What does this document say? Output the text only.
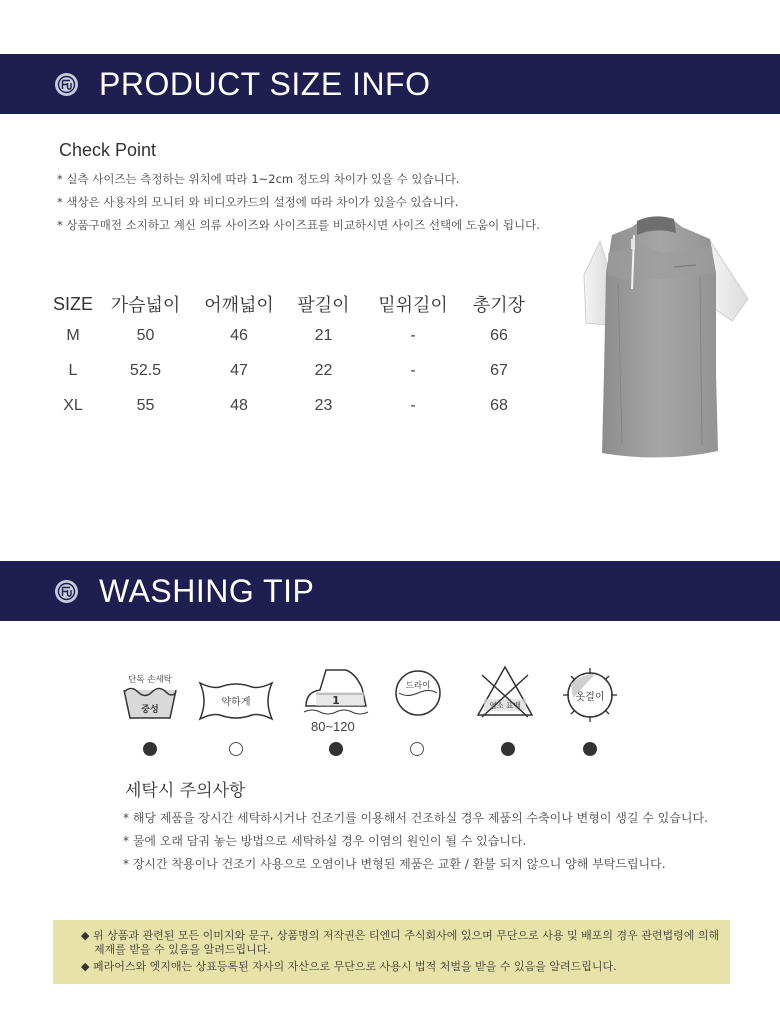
PRODUCT SIZE INFO
Check Point
* 실측 사이즈는 측정하는 위치에 따라 1~2cm 정도의 차이가 있을 수 있습니다.
* 색상은 사용자의 모니터 와 비디오카드의 설정에 따라 차이가 있을수 있습니다.
* 상품구매전 소지하고 계신 의류 사이즈와 사이즈표를 비교하시면 사이즈 선택에 도움이 됩니다.
SIZE	가슴넓이	어깨넓이	팔길이	밑위길이	총기장
M	50	46	21	-	66
L	52.5	47	22	-	67
XL	55	48	23	-	68
WASHING TIP
단독 손세탁
중성
약하게	1
80~120
드라이
염소 표백
옷걸이
세탁시 주의사항
* 해당 제품을 장시간 세탁하시거나 건조기를 이용해서 건조하실 경우 제품의 수축이나 변형이 생길 수 있습니다.
* 물에 오래 담궈 놓는 방법으로 세탁하실 경우 이염의 원인이 될 수 있습니다.
* 장시간 착용이나 건조기 사용으로 오염이나 변형된 제품은 교환 / 환불 되지 않으니 양해 부탁드립니다.
◆ 위 상품과 관련된 모든 이미지와 문구, 상품명의 저작권은 티엔디 주식회사에 있으며 무단으로 사용 및 배포의 경우 관련법령에 의해
제재를 받을 수 있음을 알려드립니다.
◆ 페라어스와 엣지애는 상표등록된 자사의 자산으로 무단으로 사용시 법적 처벌을 받을 수 있음을 알려드립니다.
